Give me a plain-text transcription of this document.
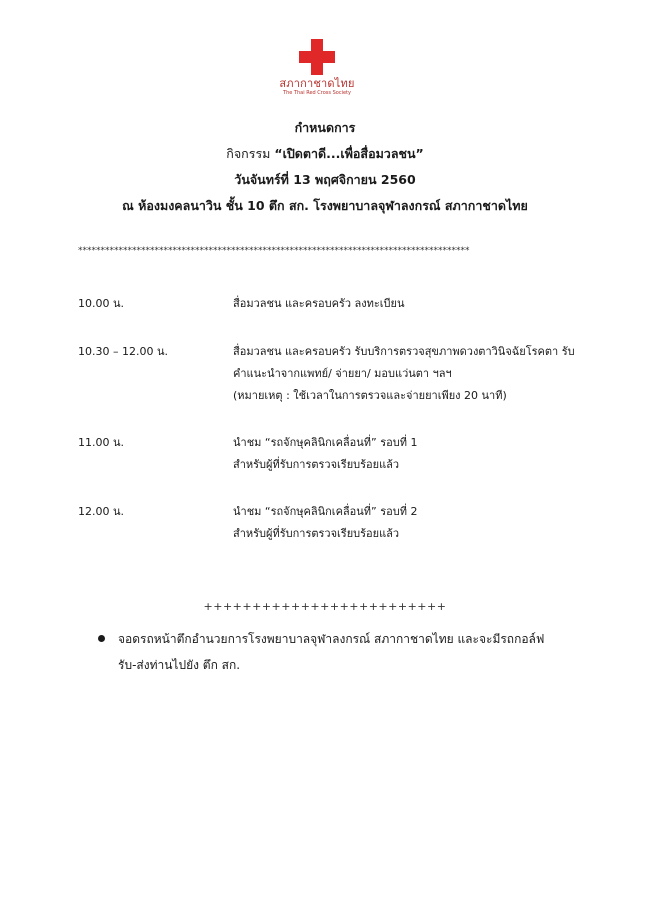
สภากาชาดไทย
The Thai Red Cross Society
กำหนดการ
กิจกรรม “เปิดตาดี...เพื่อสื่อมวลชน”
วันจันทร์ที่ 13 พฤศจิกายน 2560
ณ ห้องมงคลนาวิน ชั้น 10 ตึก สก. โรงพยาบาลจุฬาลงกรณ์ สภากาชาดไทย
***************************************************************************************
10.00 น.	สื่อมวลชน และครอบครัว ลงทะเบียน
10.30 – 12.00 น.	สื่อมวลชน และครอบครัว รับบริการตรวจสุขภาพดวงตาวินิจฉัยโรคตา รับ
คำแนะนำจากแพทย์/ จ่ายยา/ มอบแว่นตา ฯลฯ
(หมายเหตุ : ใช้เวลาในการตรวจและจ่ายยาเพียง 20 นาที)
11.00 น.	นำชม “รถจักษุคลินิกเคลื่อนที่” รอบที่ 1
สำหรับผู้ที่รับการตรวจเรียบร้อยแล้ว
12.00 น.	นำชม “รถจักษุคลินิกเคลื่อนที่” รอบที่ 2
สำหรับผู้ที่รับการตรวจเรียบร้อยแล้ว
+++++++++++++++++++++++++
จอดรถหน้าตึกอำนวยการโรงพยาบาลจุฬาลงกรณ์ สภากาชาดไทย และจะมีรถกอล์ฟ
รับ-ส่งท่านไปยัง ตึก สก.
